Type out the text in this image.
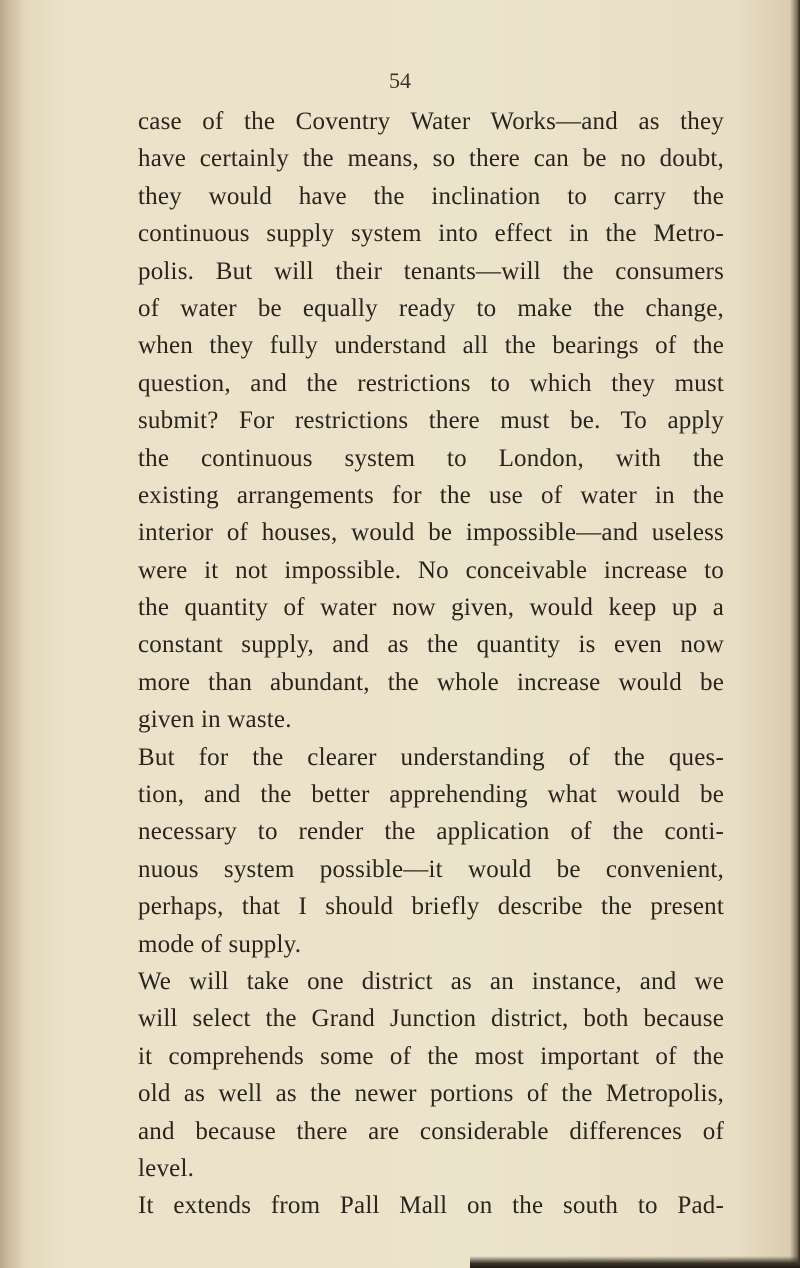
54
case of the Coventry Water Works—and as they
have certainly the means, so there can be no doubt,
they would have the inclination to carry the
continuous supply system into effect in the Metro-
polis. But will their tenants—will the consumers
of water be equally ready to make the change,
when they fully understand all the bearings of the
question, and the restrictions to which they must
submit? For restrictions there must be. To apply
the continuous system to London, with the
existing arrangements for the use of water in the
interior of houses, would be impossible—and useless
were it not impossible. No conceivable increase to
the quantity of water now given, would keep up a
constant supply, and as the quantity is even now
more than abundant, the whole increase would be
given in waste.
But for the clearer understanding of the ques-
tion, and the better apprehending what would be
necessary to render the application of the conti-
nuous system possible—it would be convenient,
perhaps, that I should briefly describe the present
mode of supply.
We will take one district as an instance, and we
will select the Grand Junction district, both because
it comprehends some of the most important of the
old as well as the newer portions of the Metropolis,
and because there are considerable differences of
level.
It extends from Pall Mall on the south to Pad-
